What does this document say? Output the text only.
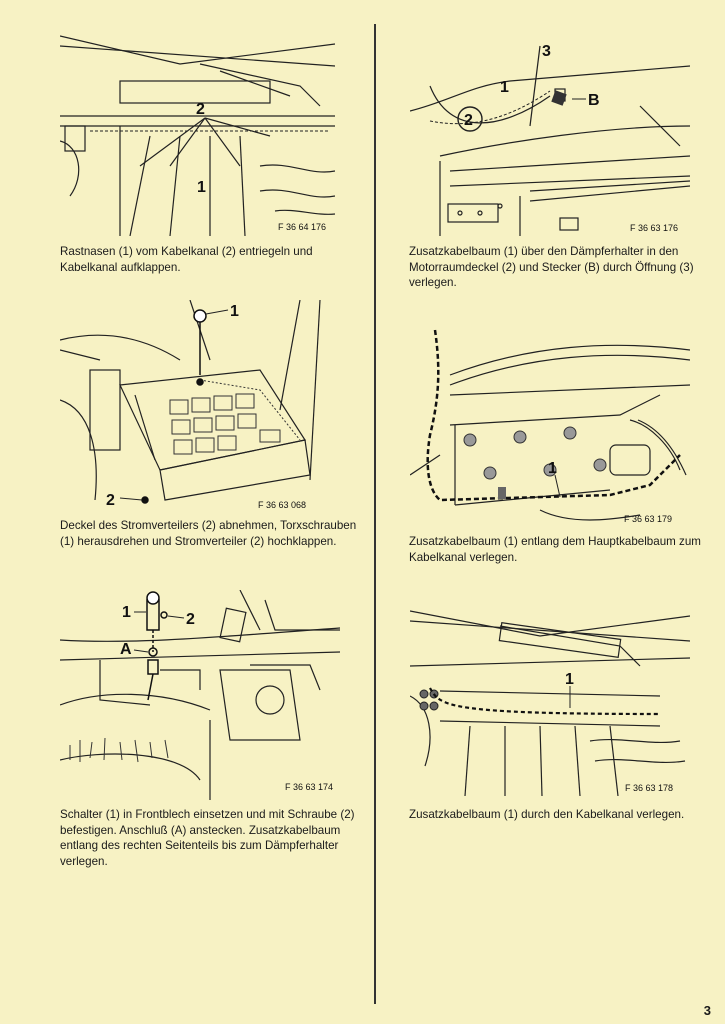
2
1
F 36 64 176
Rastnasen (1) vom Kabelkanal (2) entriegeln und Kabelkanal aufklappen.
2
1
3
B
F 36 63 176
Zusatzkabelbaum (1) über den Dämpferhalter in den Motorraumdeckel (2) und Stecker (B) durch Öffnung (3) verlegen.
1
2	F 36 63 068
Deckel des Stromverteilers (2) abnehmen, Torxschrauben (1) herausdrehen und Stromverteiler (2) hochklappen.
1
F 36 63 179
Zusatzkabelbaum (1) entlang dem Hauptkabelbaum zum Kabelkanal verlegen.
1	2
A
F 36 63 174
Schalter (1) in Frontblech einsetzen und mit Schraube (2) befestigen. Anschluß (A) anstecken. Zusatzkabelbaum entlang des rechten Seitenteils bis zum Dämpferhalter verlegen.
1
F 36 63 178
Zusatzkabelbaum (1) durch den Kabelkanal verlegen.
3
